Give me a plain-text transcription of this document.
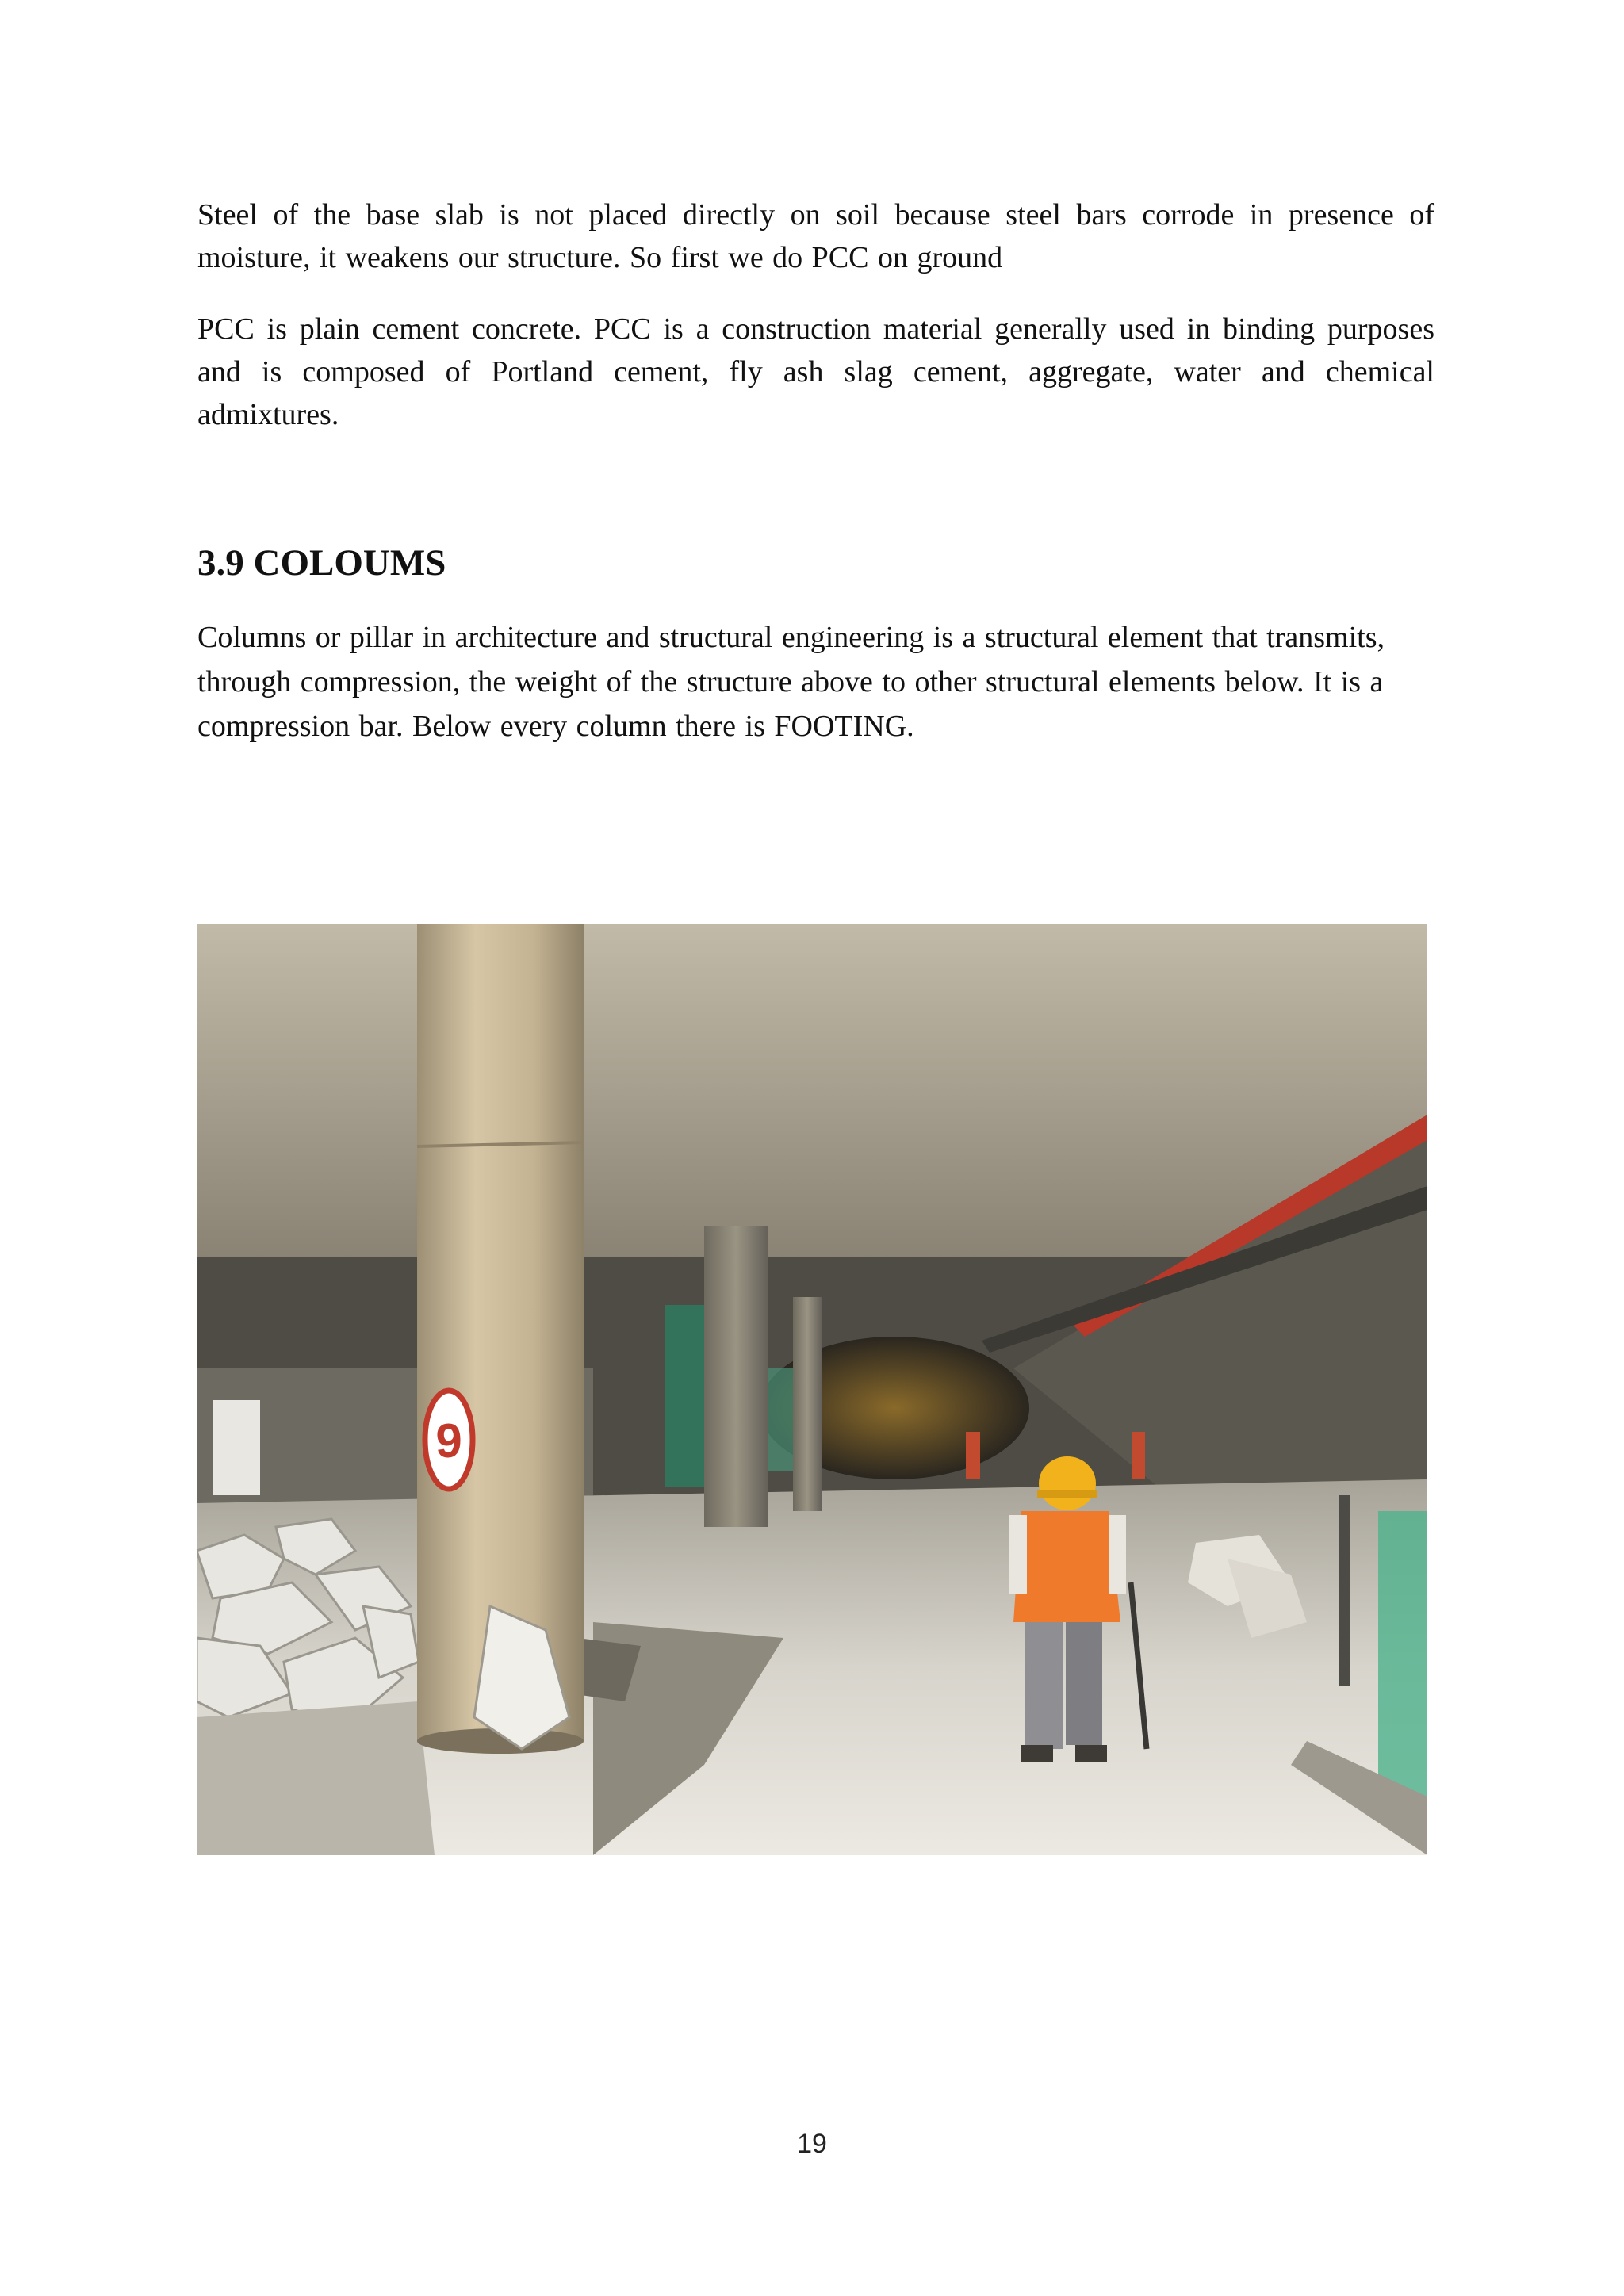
Steel of the base slab is not placed directly on soil because steel bars corrode in presence of moisture, it weakens our structure. So first we do PCC on ground

PCC is plain cement concrete. PCC is a construction material generally used in binding purposes and is composed of Portland cement, fly ash slag cement, aggregate, water and chemical admixtures.

3.9 COLOUMS

Columns or pillar in architecture and structural engineering is a structural element that transmits, through compression, the weight of the structure above to other structural elements below. It is a compression bar. Below every column there is FOOTING.

9
19
